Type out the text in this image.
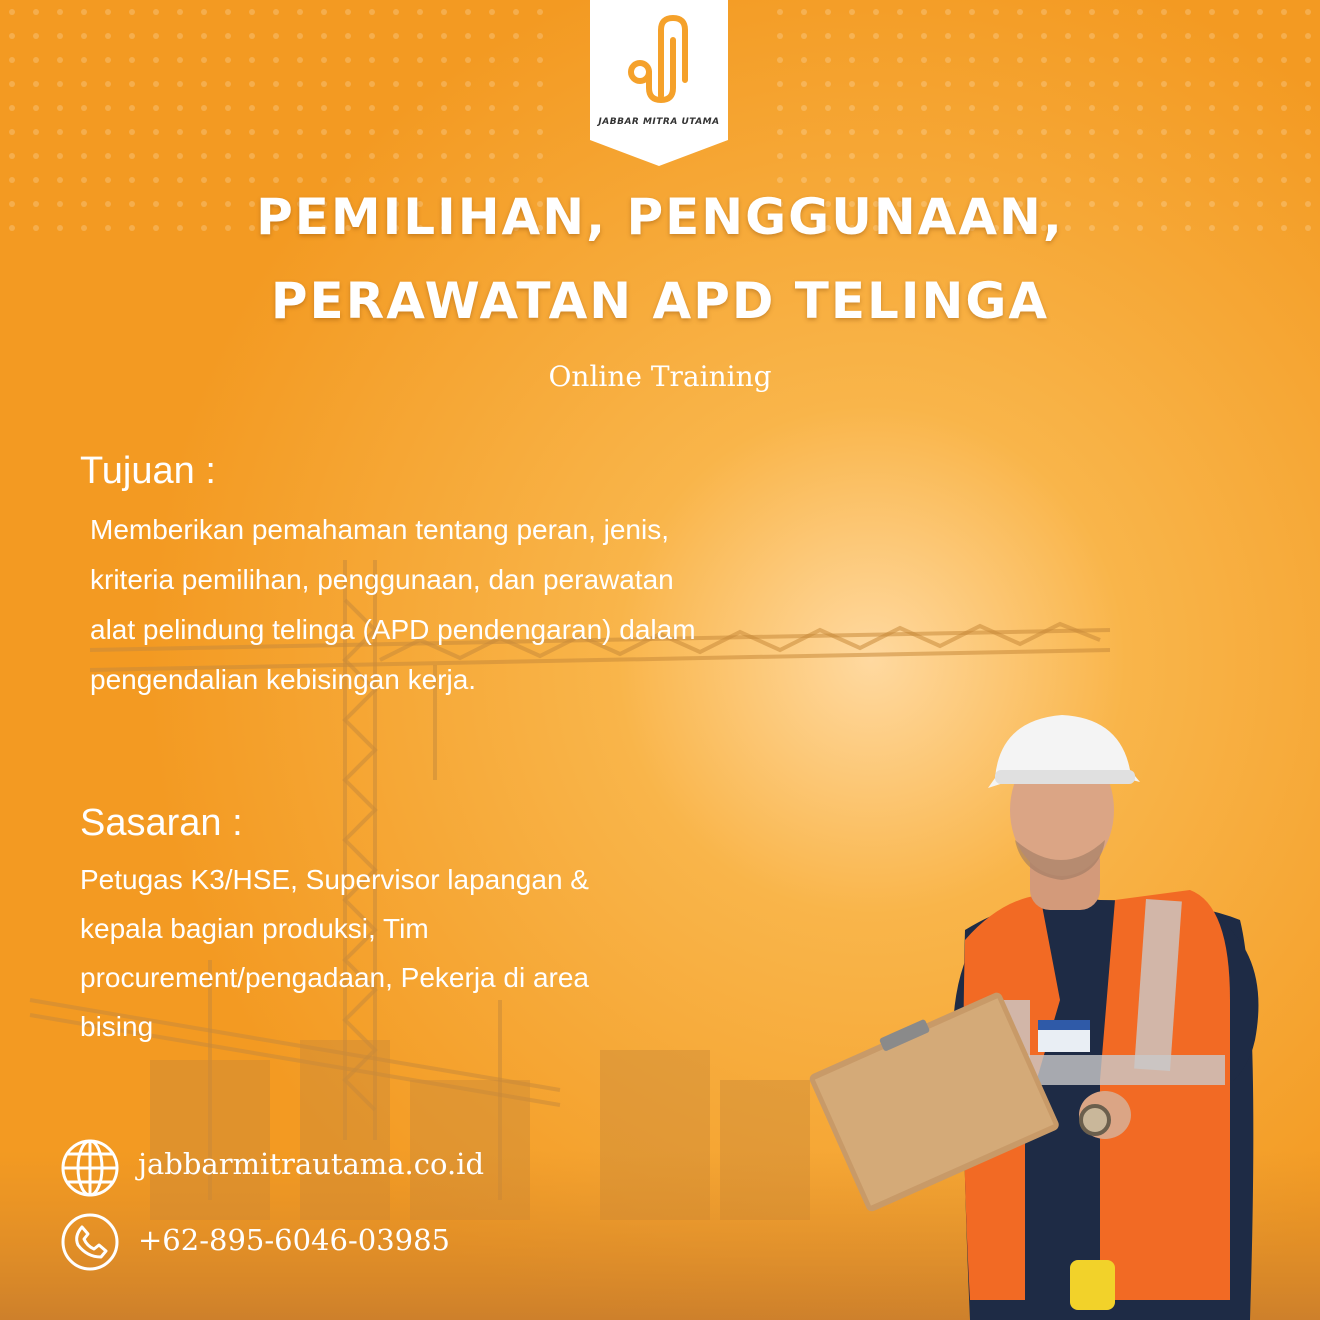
JABBAR MITRA UTAMA
PEMILIHAN, PENGGUNAAN,
PERAWATAN APD TELINGA
Online Training
Tujuan :
Memberikan pemahaman tentang peran, jenis,
kriteria pemilihan, penggunaan, dan perawatan
alat pelindung telinga (APD pendengaran) dalam
pengendalian kebisingan kerja.
Sasaran :
Petugas K3/HSE, Supervisor lapangan &
kepala bagian produksi, Tim
procurement/pengadaan, Pekerja di area
bising
jabbarmitrautama.co.id
+62-895-6046-03985
